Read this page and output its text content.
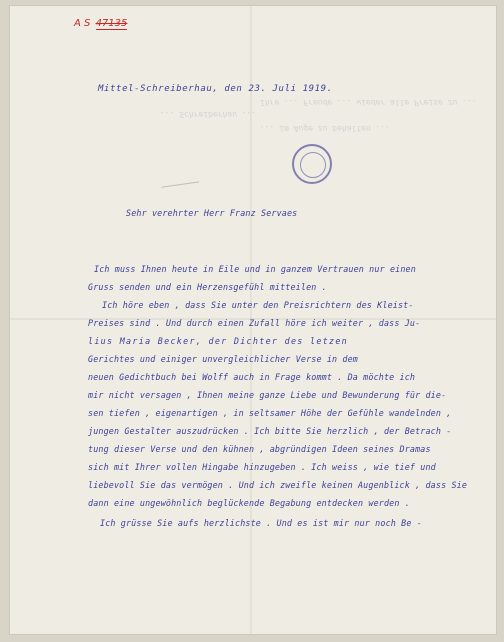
Ihre ... Freude ... wieder alle Preise zu ...
... Schreiberhau ...
... im Auge zu behalten ...
A S 47135
Mittel-Schreiberhau, den 23. Juli 1919.
Sehr verehrter Herr Franz Servaes
Ich muss Ihnen heute in Eile und in ganzem Vertrauen nur einen
Gruss senden und ein Herzensgefühl mitteilen .
Ich höre eben , dass Sie unter den Preisrichtern des Kleist-
Preises sind . Und durch einen Zufall höre ich weiter , dass Ju-
lius Maria Becker, der Dichter des letzen
Gerichtes und einiger unvergleichlicher Verse in dem
neuen Gedichtbuch bei Wolff auch in Frage kommt . Da möchte ich
mir nicht versagen , Ihnen meine ganze Liebe und Bewunderung für die-
sen tiefen , eigenartigen , in seltsamer Höhe der Gefühle wandelnden ,
jungen Gestalter auszudrücken . Ich bitte Sie herzlich , der Betrach -
tung dieser Verse und den kühnen , abgründigen Ideen seines Dramas
sich mit Ihrer vollen Hingabe hinzugeben . Ich weiss , wie tief und
liebevoll Sie das vermögen . Und ich zweifle keinen Augenblick , dass Sie
dann eine ungewöhnlich beglückende Begabung entdecken werden .
Ich grüsse Sie aufs herzlichste . Und es ist mir nur noch Be -
